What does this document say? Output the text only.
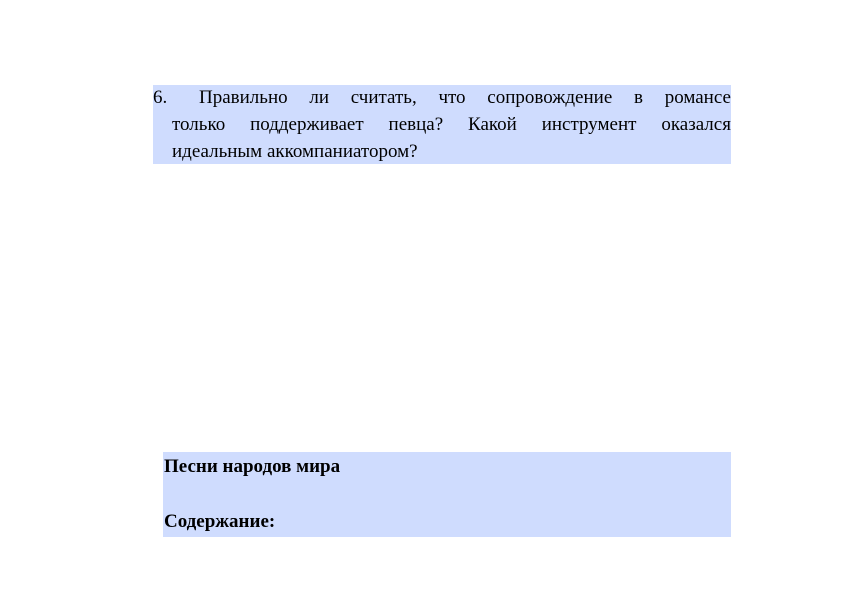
6. Правильно ли считать, что сопровождение в романсе
только поддерживает певца? Какой инструмент оказался
идеальным аккомпаниатором?
Песни народов мира
Содержание:
